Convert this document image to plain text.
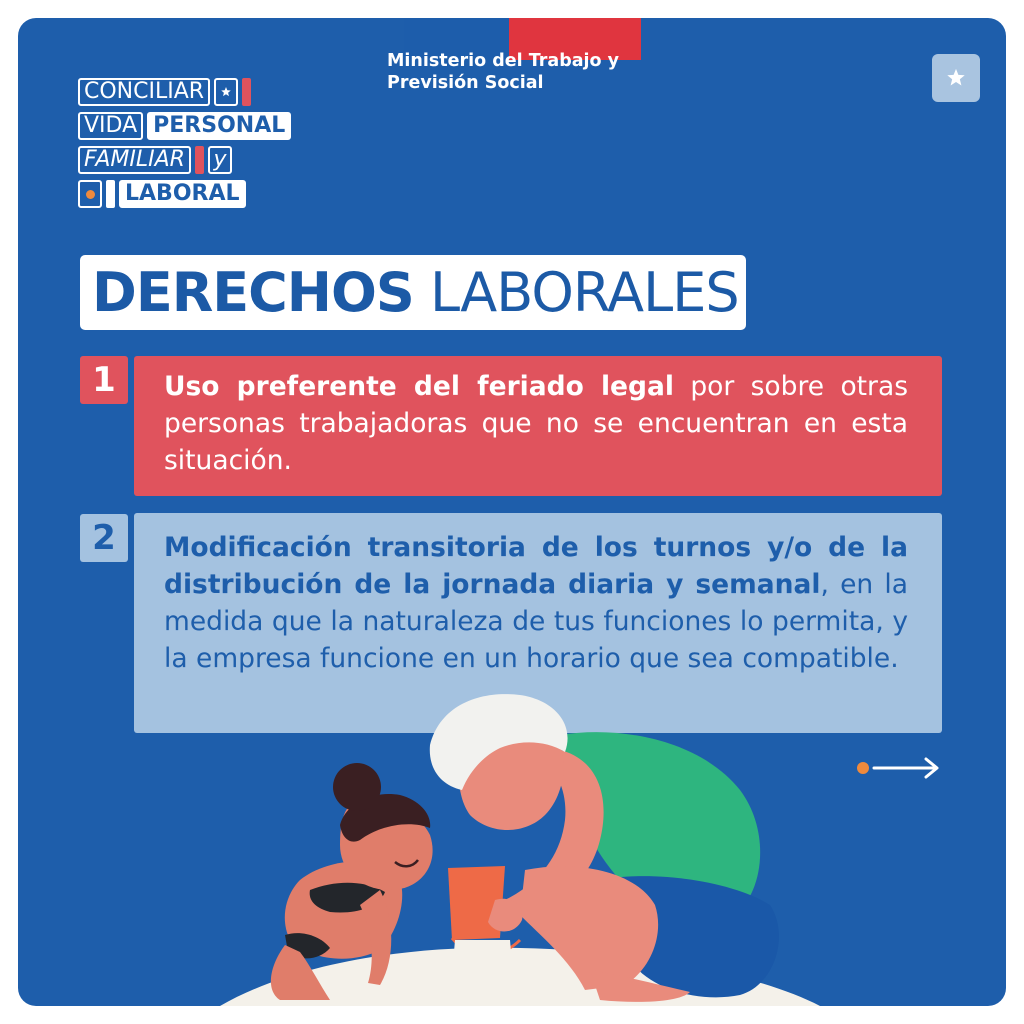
Ministerio del Trabajo y
Previsión Social
CONCILIAR
VIDA PERSONAL
FAMILIAR y
LABORAL
DERECHOS LABORALES
1	Uso preferente del feriado legal por sobre otras personas trabajadoras que no se encuentran en esta situación.
2	Modificación transitoria de los turnos y/o de la distribución de la jornada diaria y semanal, en la medida que la naturaleza de tus funciones lo permita, y la empresa funcione en un horario que sea compatible.
